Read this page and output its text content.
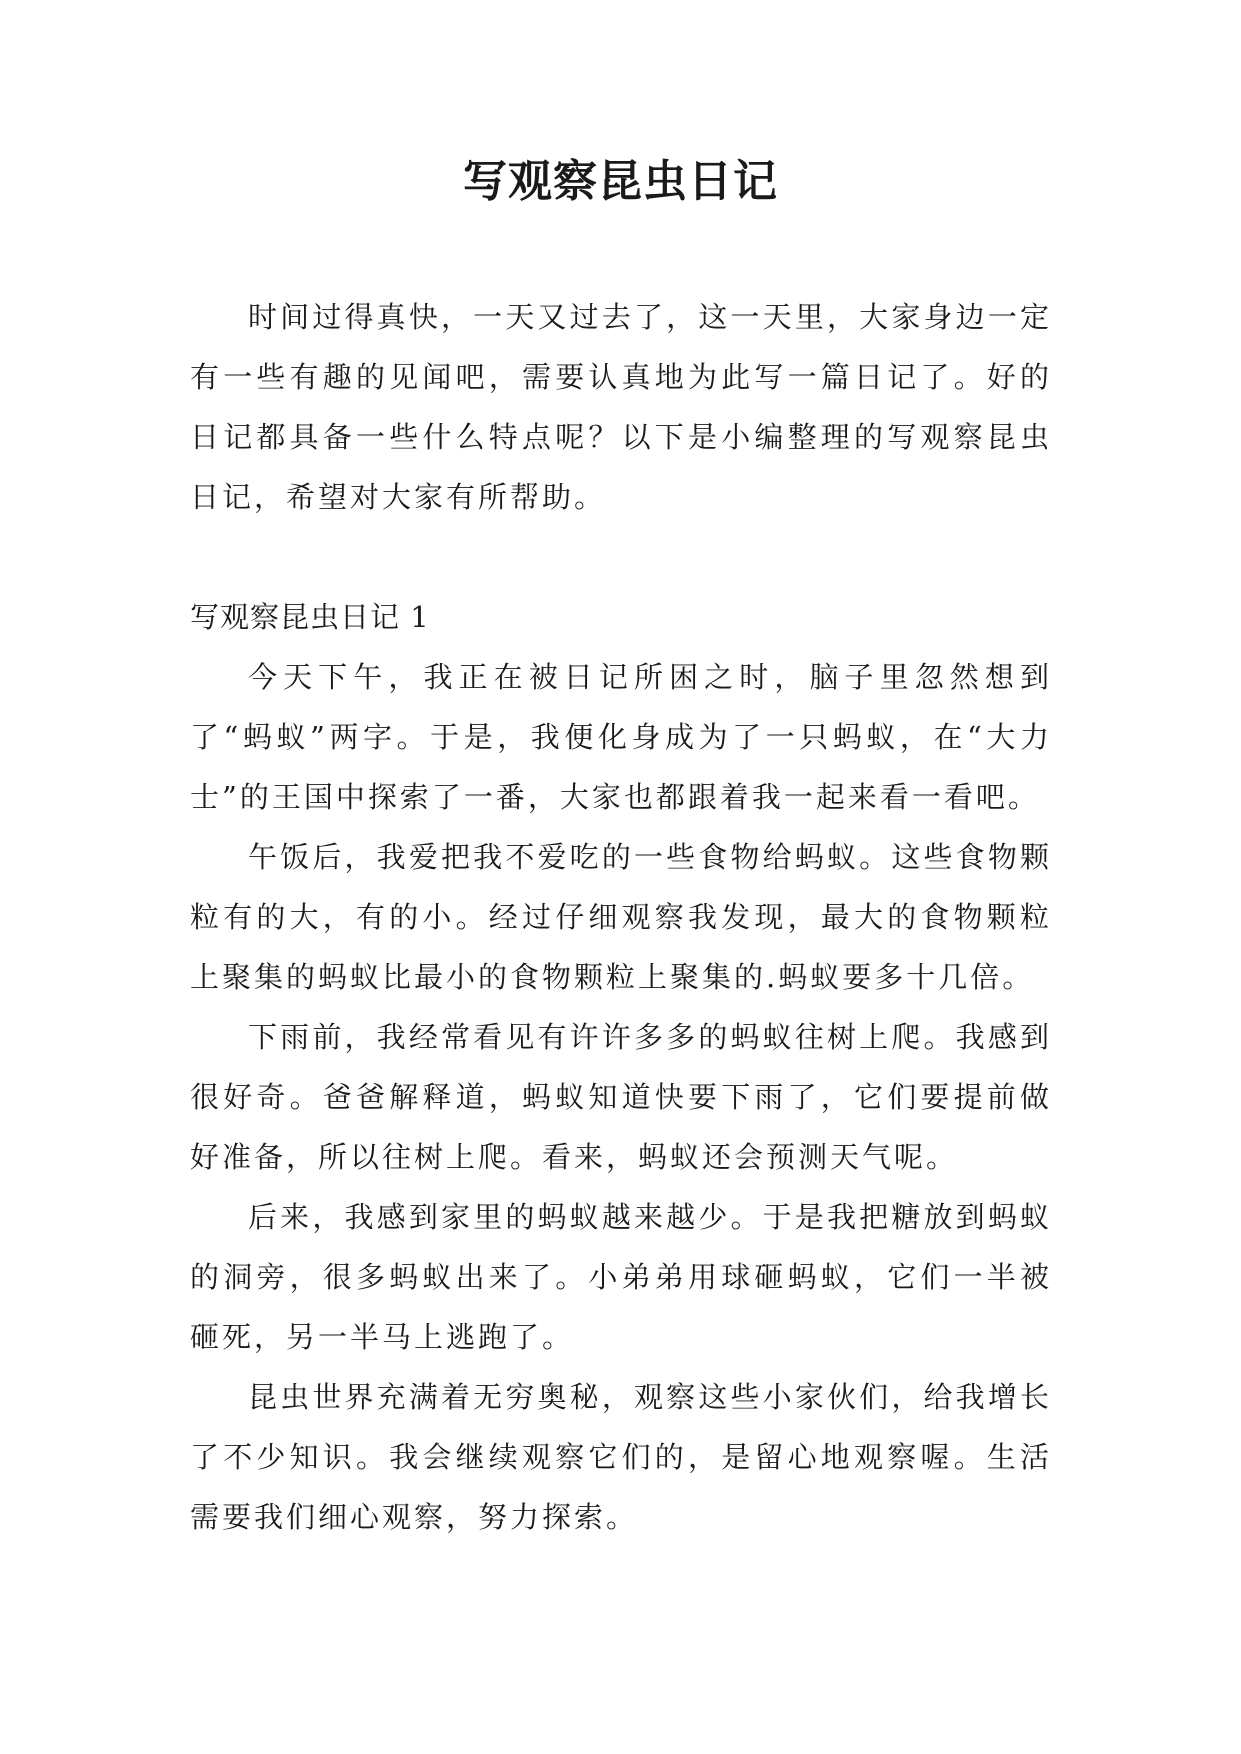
写观察昆虫日记

时间过得真快，一天又过去了，这一天里，大家身边一定有一些有趣的见闻吧，需要认真地为此写一篇日记了。好的日记都具备一些什么特点呢？以下是小编整理的写观察昆虫日记，希望对大家有所帮助。

写观察昆虫日记 1

今天下午，我正在被日记所困之时，脑子里忽然想到了“蚂蚁”两字。于是，我便化身成为了一只蚂蚁，在“大力士”的王国中探索了一番，大家也都跟着我一起来看一看吧。

午饭后，我爱把我不爱吃的一些食物给蚂蚁。这些食物颗粒有的大，有的小。经过仔细观察我发现，最大的食物颗粒上聚集的蚂蚁比最小的食物颗粒上聚集的.蚂蚁要多十几倍。

下雨前，我经常看见有许许多多的蚂蚁往树上爬。我感到很好奇。爸爸解释道，蚂蚁知道快要下雨了，它们要提前做好准备，所以往树上爬。看来，蚂蚁还会预测天气呢。

后来，我感到家里的蚂蚁越来越少。于是我把糖放到蚂蚁的洞旁，很多蚂蚁出来了。小弟弟用球砸蚂蚁，它们一半被砸死，另一半马上逃跑了。

昆虫世界充满着无穷奥秘，观察这些小家伙们，给我增长了不少知识。我会继续观察它们的，是留心地观察喔。生活需要我们细心观察，努力探索。
